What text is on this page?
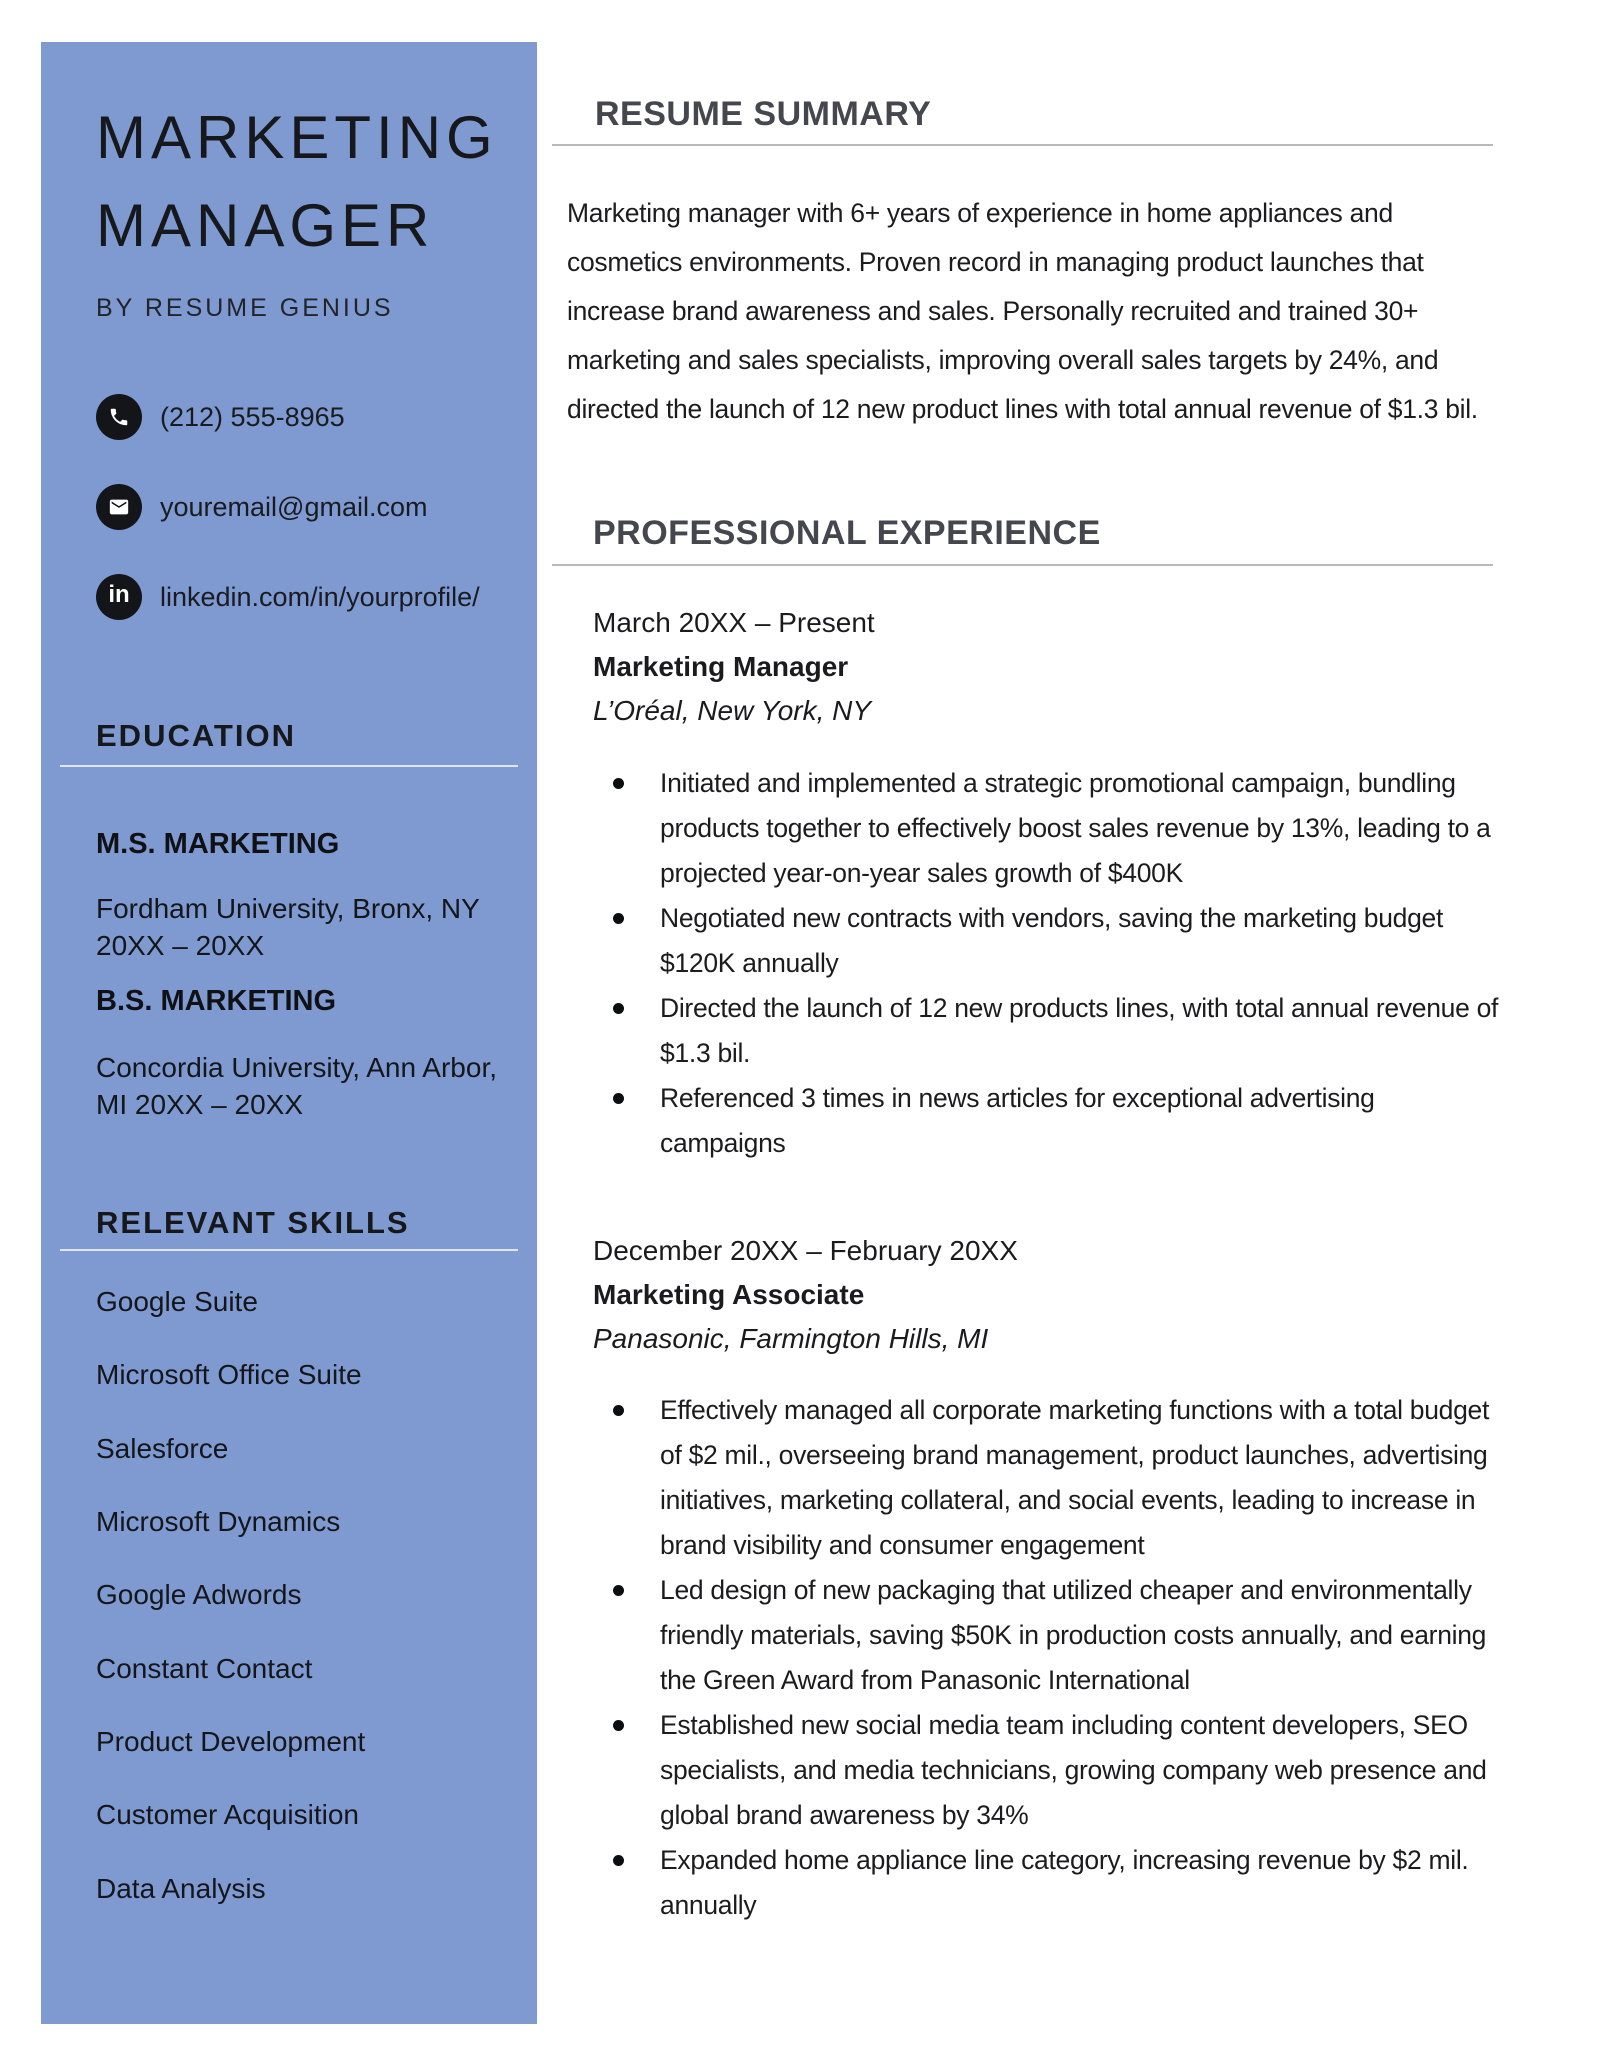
MARKETING
MANAGER
BY RESUME GENIUS
(212) 555-8965
youremail@gmail.com
in linkedin.com/in/yourprofile/
EDUCATION
M.S. MARKETING
Fordham University, Bronx, NY
20XX – 20XX
B.S. MARKETING
Concordia University, Ann Arbor,
MI 20XX – 20XX
RELEVANT SKILLS
Google Suite
Microsoft Office Suite
Salesforce
Microsoft Dynamics
Google Adwords
Constant Contact
Product Development
Customer Acquisition
Data Analysis
RESUME SUMMARY

Marketing manager with 6+ years of experience in home appliances and cosmetics environments. Proven record in managing product launches that increase brand awareness and sales. Personally recruited and trained 30+ marketing and sales specialists, improving overall sales targets by 24%, and directed the launch of 12 new product lines with total annual revenue of $1.3 bil.

PROFESSIONAL EXPERIENCE
March 20XX – Present
Marketing Manager
L’Oréal, New York, NY
Initiated and implemented a strategic promotional campaign, bundling products together to effectively boost sales revenue by 13%, leading to a projected year-on-year sales growth of $400K
Negotiated new contracts with vendors, saving the marketing budget $120K annually
Directed the launch of 12 new products lines, with total annual revenue of $1.3 bil.
Referenced 3 times in news articles for exceptional advertising campaigns
December 20XX – February 20XX
Marketing Associate
Panasonic, Farmington Hills, MI
Effectively managed all corporate marketing functions with a total budget of $2 mil., overseeing brand management, product launches, advertising initiatives, marketing collateral, and social events, leading to increase in brand visibility and consumer engagement
Led design of new packaging that utilized cheaper and environmentally friendly materials, saving $50K in production costs annually, and earning the Green Award from Panasonic International
Established new social media team including content developers, SEO specialists, and media technicians, growing company web presence and global brand awareness by 34%
Expanded home appliance line category, increasing revenue by $2 mil. annually
